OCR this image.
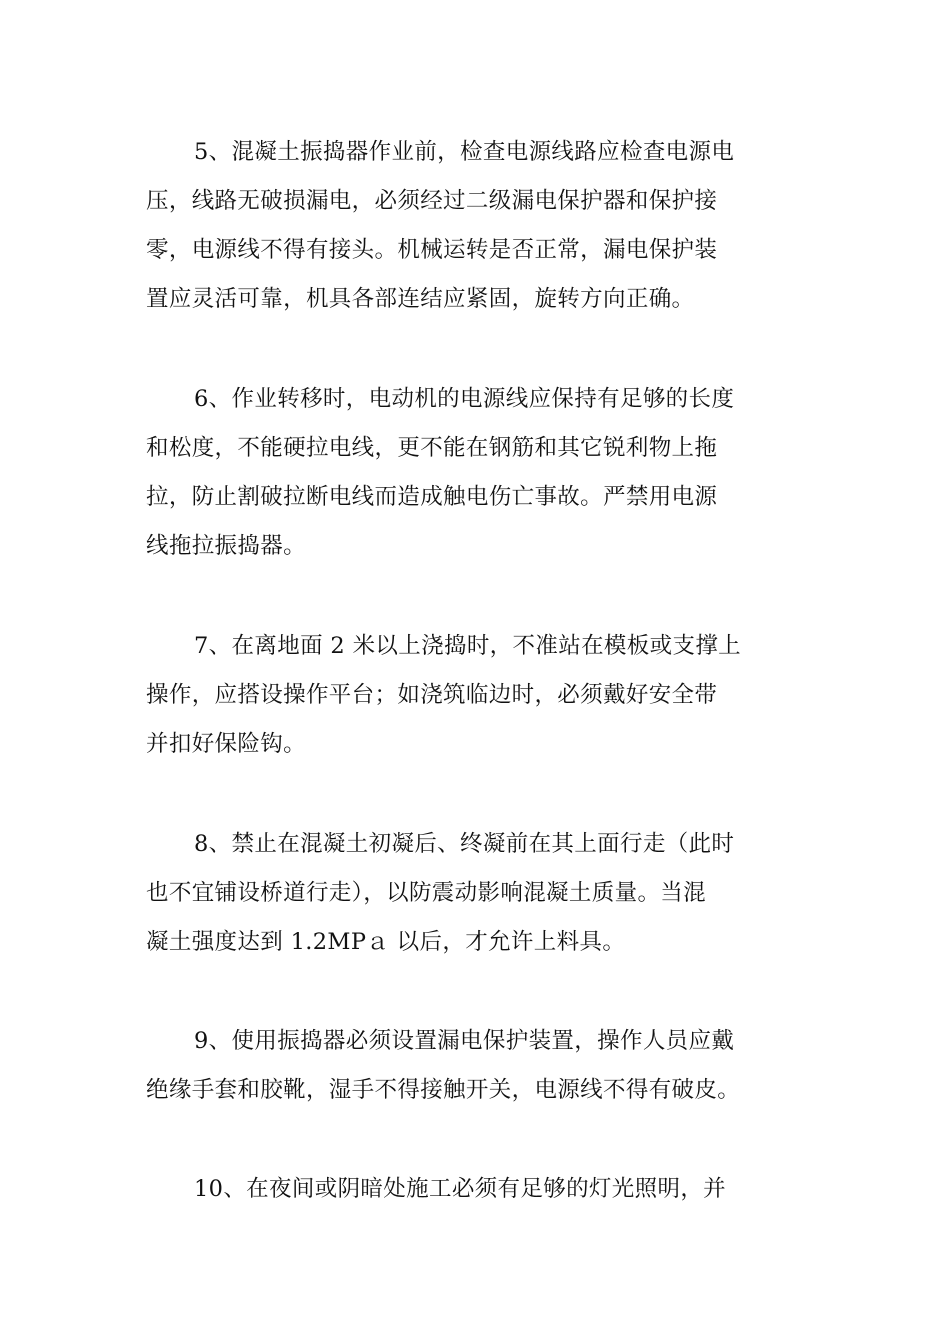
5、混凝土振捣器作业前，检查电源线路应检查电源电
压，线路无破损漏电，必须经过二级漏电保护器和保护接
零，电源线不得有接头。机械运转是否正常，漏电保护装
置应灵活可靠，机具各部连结应紧固，旋转方向正确。

6、作业转移时，电动机的电源线应保持有足够的长度
和松度，不能硬拉电线，更不能在钢筋和其它锐利物上拖
拉，防止割破拉断电线而造成触电伤亡事故。严禁用电源
线拖拉振捣器。

7、在离地面 2 米以上浇捣时，不准站在模板或支撑上
操作，应搭设操作平台；如浇筑临边时，必须戴好安全带
并扣好保险钩。

8、禁止在混凝土初凝后、终凝前在其上面行走（此时
也不宜铺设桥道行走），以防震动影响混凝土质量。当混
凝土强度达到 1.2MPａ 以后，才允许上料具。

9、使用振捣器必须设置漏电保护装置，操作人员应戴
绝缘手套和胶靴，湿手不得接触开关，电源线不得有破皮。

10、在夜间或阴暗处施工必须有足够的灯光照明，并
